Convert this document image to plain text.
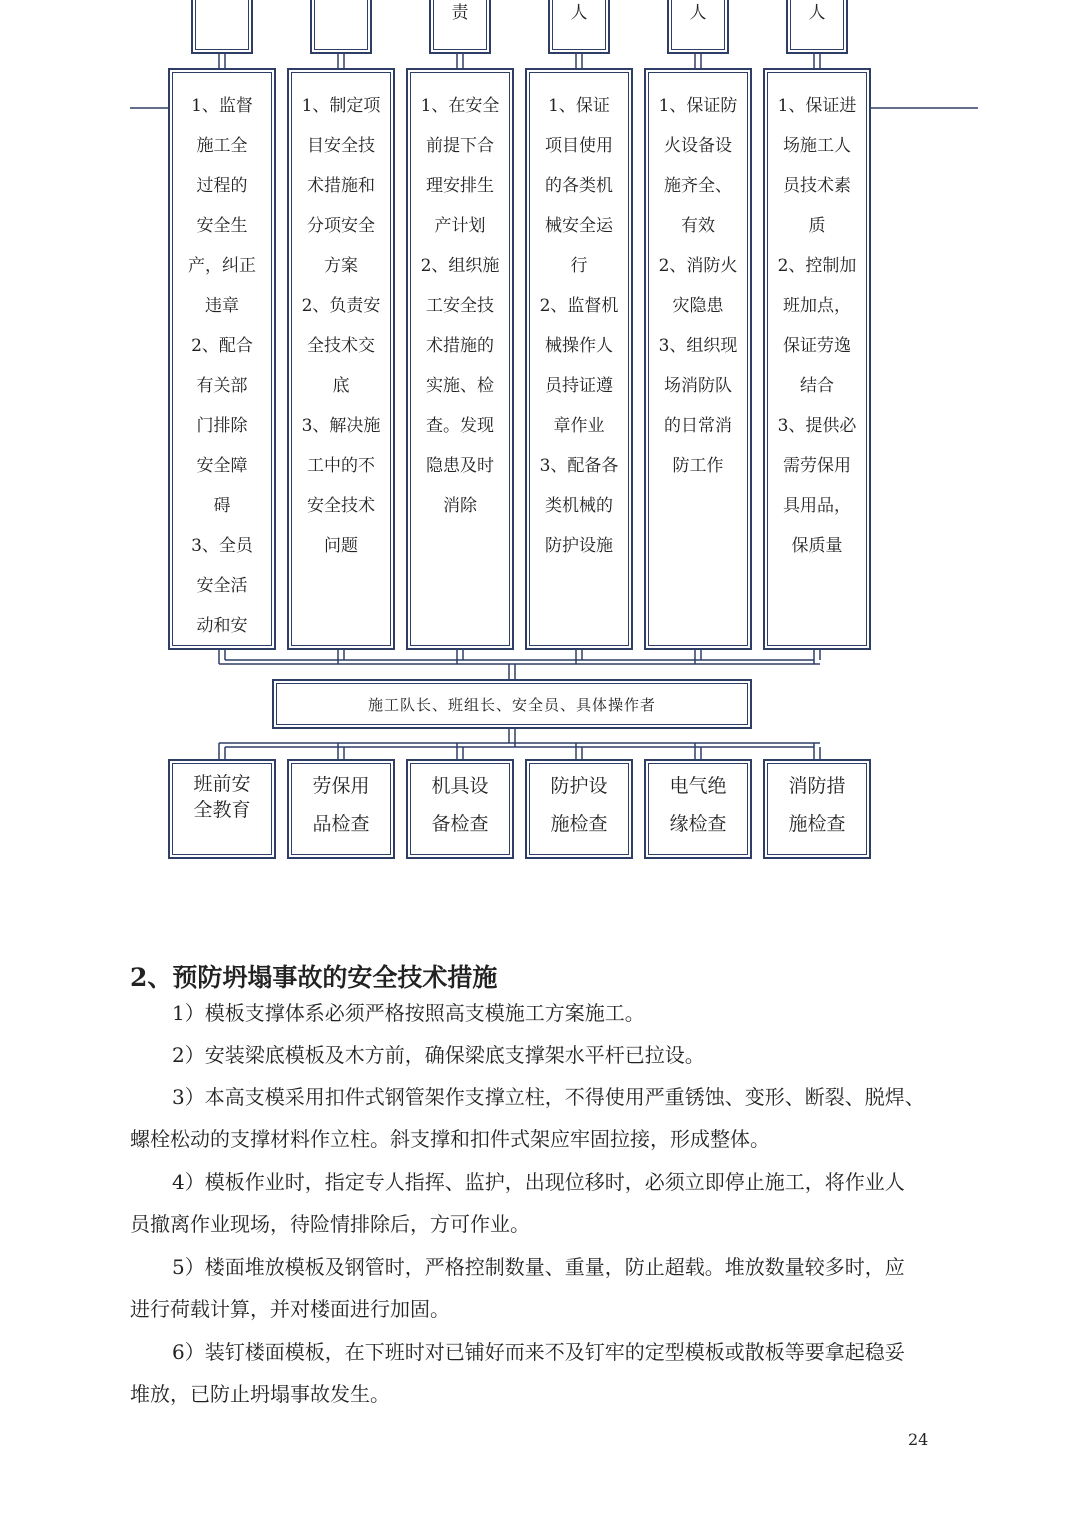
责	人	人	人
1、监督
施工全
过程的
安全生
产，纠正
违章
2、配合
有关部
门排除
安全障
碍
3、全员
安全活
动和安
1、制定项
目安全技
术措施和
分项安全
方案
2、负责安
全技术交
底
3、解决施
工中的不
安全技术
问题
1、在安全
前提下合
理安排生
产计划
2、组织施
工安全技
术措施的
实施、检
查。发现
隐患及时
消除
1、保证
项目使用
的各类机
械安全运
行
2、监督机
械操作人
员持证遵
章作业
3、配备各
类机械的
防护设施
1、保证防
火设备设
施齐全、
有效
2、消防火
灾隐患
3、组织现
场消防队
的日常消
防工作
1、保证进
场施工人
员技术素
质
2、控制加
班加点，
保证劳逸
结合
3、提供必
需劳保用
具用品，
保质量
施工队长、班组长、安全员、具体操作者
班前安
全教育
劳保用
品检查
机具设
备检查
防护设
施检查
电气绝
缘检查
消防措
施检查
2、预防坍塌事故的安全技术措施
1）模板支撑体系必须严格按照高支模施工方案施工。
2）安装梁底模板及木方前，确保梁底支撑架水平杆已拉设。
3）本高支模采用扣件式钢管架作支撑立柱，不得使用严重锈蚀、变形、断裂、脱焊、
螺栓松动的支撑材料作立柱。斜支撑和扣件式架应牢固拉接，形成整体。
4）模板作业时，指定专人指挥、监护，出现位移时，必须立即停止施工，将作业人
员撤离作业现场，待险情排除后，方可作业。
5）楼面堆放模板及钢管时，严格控制数量、重量，防止超载。堆放数量较多时，应
进行荷载计算，并对楼面进行加固。
6）装钉楼面模板，在下班时对已铺好而来不及钉牢的定型模板或散板等要拿起稳妥
堆放，已防止坍塌事故发生。
24
